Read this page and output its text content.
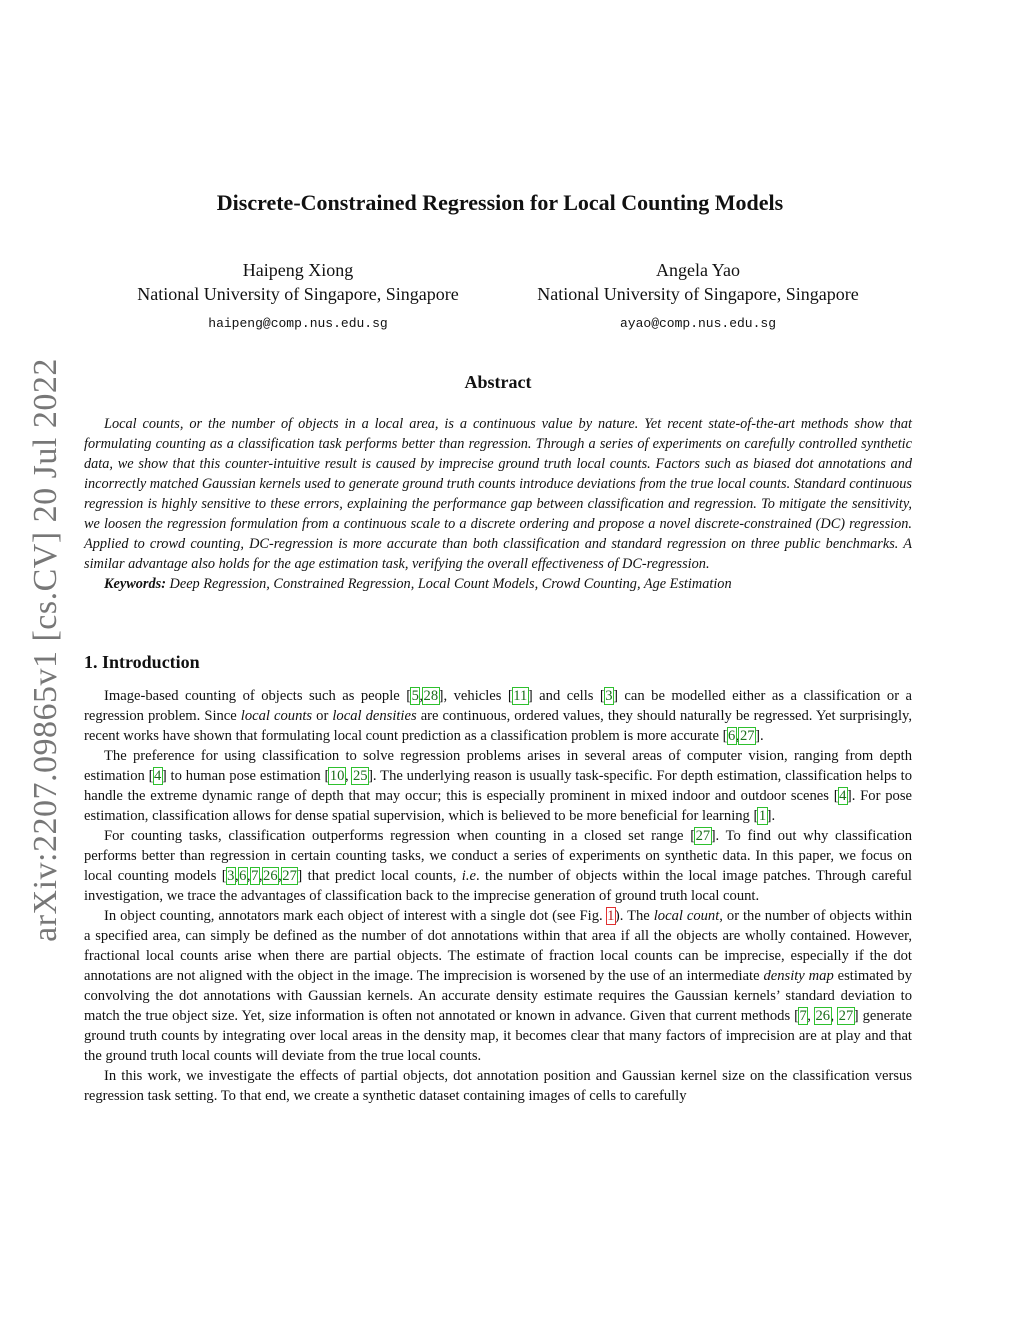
arXiv:2207.09865v1 [cs.CV] 20 Jul 2022
Discrete-Constrained Regression for Local Counting Models
Haipeng Xiong
National University of Singapore, Singapore
haipeng@comp.nus.edu.sg
Angela Yao
National University of Singapore, Singapore
ayao@comp.nus.edu.sg
Abstract

Local counts, or the number of objects in a local area, is a continuous value by nature. Yet recent state-of-the-art methods show that formulating counting as a classification task performs better than regression. Through a series of experiments on carefully controlled synthetic data, we show that this counter-intuitive result is caused by imprecise ground truth local counts. Factors such as biased dot annotations and incorrectly matched Gaussian kernels used to generate ground truth counts introduce deviations from the true local counts. Standard continuous regression is highly sensitive to these errors, explaining the performance gap between classification and regression. To mitigate the sensitivity, we loosen the regression formulation from a continuous scale to a discrete ordering and propose a novel discrete-constrained (DC) regression. Applied to crowd counting, DC-regression is more accurate than both classification and standard regression on three public benchmarks. A similar advantage also holds for the age estimation task, verifying the overall effectiveness of DC-regression.

Keywords: Deep Regression, Constrained Regression, Local Count Models, Crowd Counting, Age Estimation

1. Introduction

Image-based counting of objects such as people [5,28], vehicles [11] and cells [3] can be modelled either as a classification or a regression problem. Since local counts or local densities are continuous, ordered values, they should naturally be regressed. Yet surprisingly, recent works have shown that formulating local count prediction as a classification problem is more accurate [6,27].

The preference for using classification to solve regression problems arises in several areas of computer vision, ranging from depth estimation [4] to human pose estimation [10, 25]. The underlying reason is usually task-specific. For depth estimation, classification helps to handle the extreme dynamic range of depth that may occur; this is especially prominent in mixed indoor and outdoor scenes [4]. For pose estimation, classification allows for dense spatial supervision, which is believed to be more beneficial for learning [1].

For counting tasks, classification outperforms regression when counting in a closed set range [27]. To find out why classification performs better than regression in certain counting tasks, we conduct a series of experiments on synthetic data. In this paper, we focus on local counting models [3,6,7,26,27] that predict local counts, i.e. the number of objects within the local image patches. Through careful investigation, we trace the advantages of classification back to the imprecise generation of ground truth local count.

In object counting, annotators mark each object of interest with a single dot (see Fig. 1). The local count, or the number of objects within a specified area, can simply be defined as the number of dot annotations within that area if all the objects are wholly contained. However, fractional local counts arise when there are partial objects. The estimate of fraction local counts can be imprecise, especially if the dot annotations are not aligned with the object in the image. The imprecision is worsened by the use of an intermediate density map estimated by convolving the dot annotations with Gaussian kernels. An accurate density estimate requires the Gaussian kernels’ standard deviation to match the true object size. Yet, size information is often not annotated or known in advance. Given that current methods [7, 26, 27] generate ground truth counts by integrating over local areas in the density map, it becomes clear that many factors of imprecision are at play and that the ground truth local counts will deviate from the true local counts.

In this work, we investigate the effects of partial objects, dot annotation position and Gaussian kernel size on the classification versus regression task setting. To that end, we create a synthetic dataset containing images of cells to carefully
